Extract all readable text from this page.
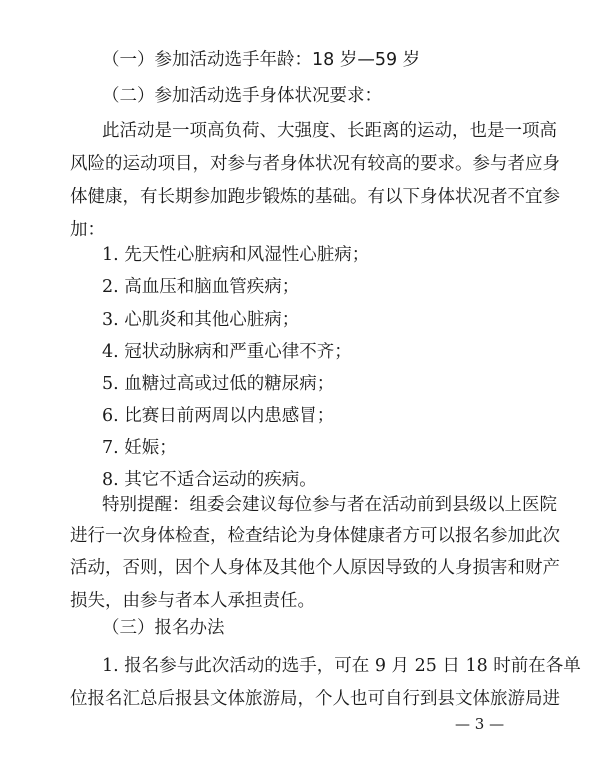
（一）参加活动选手年龄：18 岁—59 岁
（二）参加活动选手身体状况要求：
此活动是一项高负荷、大强度、长距离的运动，也是一项高
风险的运动项目，对参与者身体状况有较高的要求。参与者应身
体健康，有长期参加跑步锻炼的基础。有以下身体状况者不宜参
加：
1. 先天性心脏病和风湿性心脏病；
2. 高血压和脑血管疾病；
3. 心肌炎和其他心脏病；
4. 冠状动脉病和严重心律不齐；
5. 血糖过高或过低的糖尿病；
6. 比赛日前两周以内患感冒；
7. 妊娠；
8. 其它不适合运动的疾病。
特别提醒：组委会建议每位参与者在活动前到县级以上医院
进行一次身体检查，检查结论为身体健康者方可以报名参加此次
活动，否则，因个人身体及其他个人原因导致的人身损害和财产
损失，由参与者本人承担责任。
（三）报名办法
1. 报名参与此次活动的选手，可在 9 月 25 日 18 时前在各单
位报名汇总后报县文体旅游局，个人也可自行到县文体旅游局进
— 3 —
